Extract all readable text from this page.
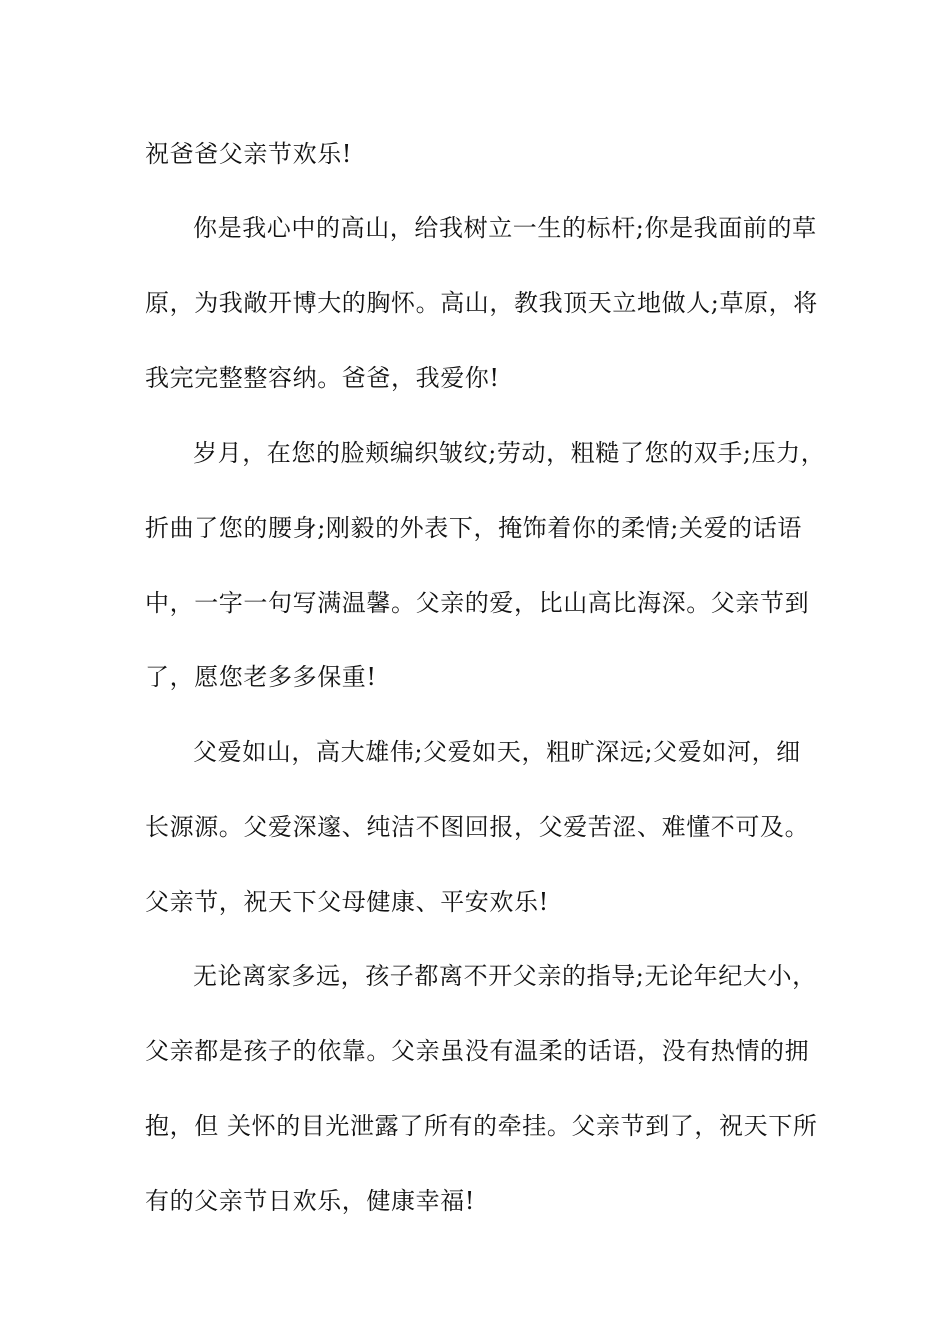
祝爸爸父亲节欢乐!

你是我心中的高山，给我树立一生的标杆;你是我面前的草

原，为我敞开博大的胸怀。高山，教我顶天立地做人;草原，将

我完完整整容纳。爸爸，我爱你!

岁月，在您的脸颊编织皱纹;劳动，粗糙了您的双手;压力，

折曲了您的腰身;刚毅的外表下，掩饰着你的柔情;关爱的话语

中，一字一句写满温馨。父亲的爱，比山高比海深。父亲节到

了，愿您老多多保重!

父爱如山，高大雄伟;父爱如天，粗旷深远;父爱如河，细

长源源。父爱深邃、纯洁不图回报，父爱苦涩、难懂不可及。

父亲节，祝天下父母健康、平安欢乐!

无论离家多远，孩子都离不开父亲的指导;无论年纪大小，

父亲都是孩子的依靠。父亲虽没有温柔的话语，没有热情的拥

抱，但 关怀的目光泄露了所有的牵挂。父亲节到了，祝天下所

有的父亲节日欢乐，健康幸福!
